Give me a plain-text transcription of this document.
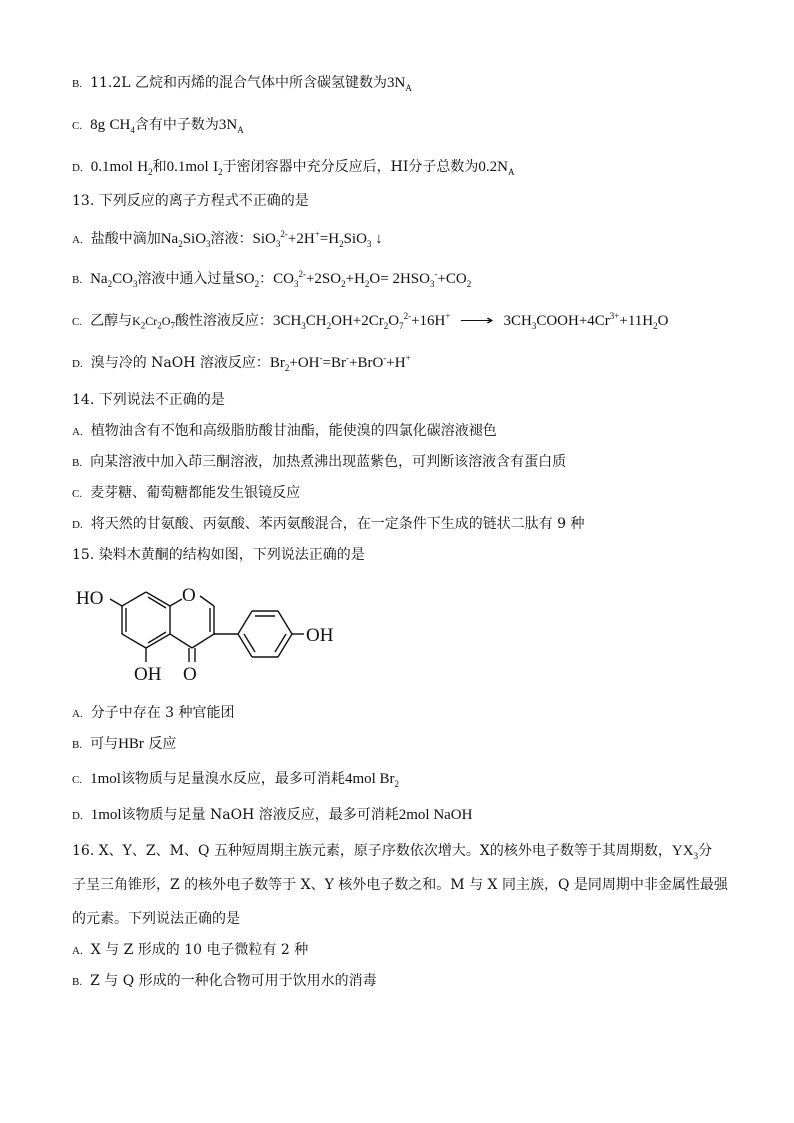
B. 11.2L 乙烷和丙烯的混合气体中所含碳氢键数为$3N_A$
C. 8g $CH_4$含有中子数为$3N_A$
D. 0.1mol $H_2$和0.1mol $I_2$于密闭容器中充分反应后，HI分子总数为$0.2N_A$
13. 下列反应的离子方程式不正确的是
A. 盐酸中滴加$Na_2SiO_3$溶液：$SiO_3^{2-}+2H^+=H_2SiO_3$ ↓
B. $Na_2CO_3$溶液中通入过量$SO_2$：$CO_3^{2-}+2SO_2+H_2O= 2HSO_3^-+CO_2$
C. 乙醇与$K_2Cr_2O_7$酸性溶液反应：$3CH_3CH_2OH+2Cr_2O_7^{2-}+16H^+$ ⟶ $3CH_3COOH+4Cr^{3+}+11H_2O$
D. 溴与冷的 NaOH 溶液反应：$Br_2+OH^-=Br^-+BrO^-+H^+$
14. 下列说法不正确的是
A. 植物油含有不饱和高级脂肪酸甘油酯，能使溴的四氯化碳溶液褪色
B. 向某溶液中加入茚三酮溶液，加热煮沸出现蓝紫色，可判断该溶液含有蛋白质
C. 麦芽糖、葡萄糖都能发生银镜反应
D. 将天然的甘氨酸、丙氨酸、苯丙氨酸混合，在一定条件下生成的链状二肽有 9 种
15. 染料木黄酮的结构如图，下列说法正确的是
HO	O
OH
OH O
A. 分子中存在 3 种官能团
B. 可与HBr 反应
C. 1mol该物质与足量溴水反应，最多可消耗4mol $Br_2$
D. 1mol该物质与足量 NaOH 溶液反应，最多可消耗2mol NaOH
16. X、Y、Z、M、Q 五种短周期主族元素，原子序数依次增大。X的核外电子数等于其周期数，$YX_3$分
子呈三角锥形，Z 的核外电子数等于 X、Y 核外电子数之和。M 与 X 同主族，Q 是同周期中非金属性最强
的元素。下列说法正确的是
A. X 与 Z 形成的 10 电子微粒有 2 种
B. Z 与 Q 形成的一种化合物可用于饮用水的消毒
